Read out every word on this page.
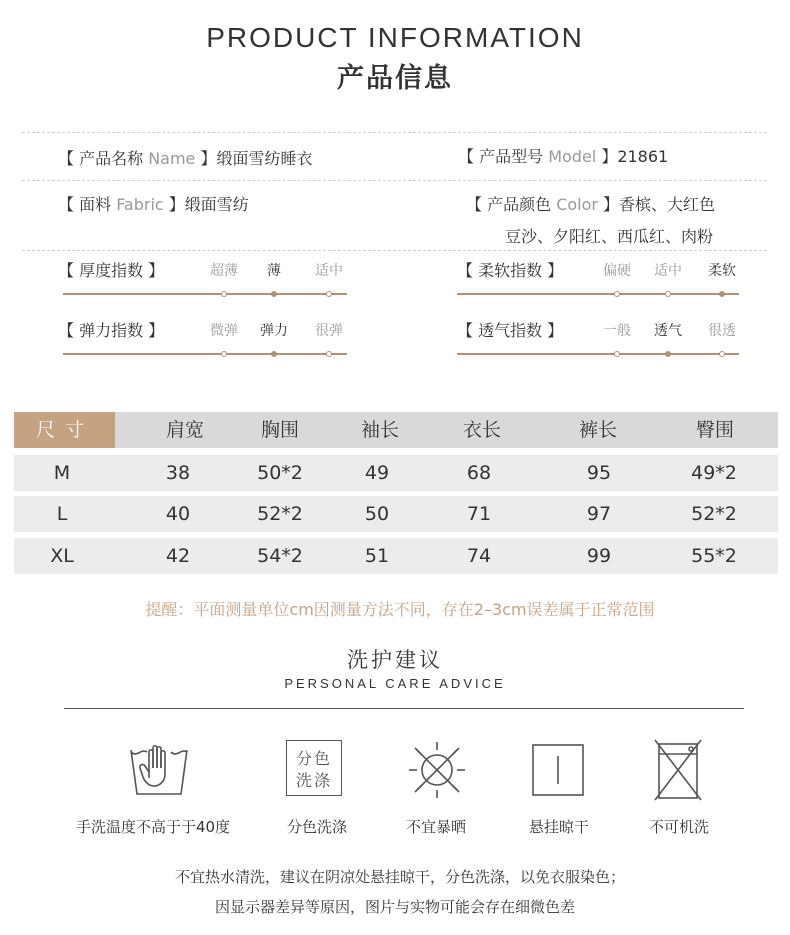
PRODUCT INFORMATION
产品信息
【 产品名称 Name 】缎面雪纺睡衣	【 产品型号 Model 】21861
【 面料 Fabric 】缎面雪纺	【 产品颜色 Color 】香槟、大红色
豆沙、夕阳红、西瓜红、肉粉
【 厚度指数 】	超薄	薄	适中	【 柔软指数 】	偏硬	适中	柔软
【 弹力指数 】	微弹	弹力	很弹	【 透气指数 】	一般	透气	很透
尺寸	肩宽	胸围	袖长	衣长	裤长	臀围
M	38	50*2	49	68	95	49*2
L	40	52*2	50	71	97	52*2
XL	42	54*2	51	74	99	55*2
提醒：平面测量单位cm因测量方法不同，存在2–3cm误差属于正常范围
洗护建议
PERSONAL CARE ADVICE
分色
洗涤
手洗温度不高于于40度	分色洗涤	不宜暴晒	悬挂晾干	不可机洗
不宜热水清洗，建议在阴凉处悬挂晾干，分色洗涤，以免衣服染色；
因显示器差异等原因，图片与实物可能会存在细微色差
